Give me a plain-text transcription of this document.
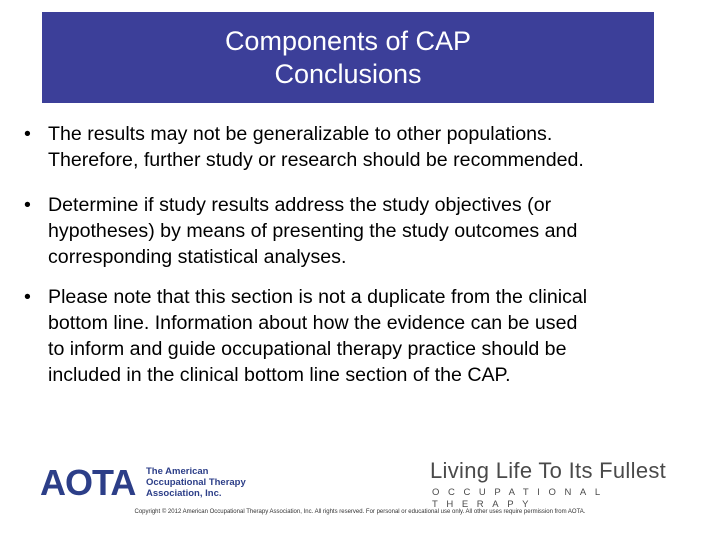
Components of CAP
Conclusions
• The results may not be generalizable to other populations.
Therefore, further study or research should be recommended.
• Determine if study results address the study objectives (or
hypotheses) by means of presenting the study outcomes and
corresponding statistical analyses.
• Please note that this section is not a duplicate from the clinical
bottom line. Information about how the evidence can be used
to inform and guide occupational therapy practice should be
included in the clinical bottom line section of the CAP.
AOTA The American
Occupational Therapy
Association, Inc.
Living Life To Its Fullest
OCCUPATIONAL THERAPY
Copyright © 2012 American Occupational Therapy Association, Inc. All rights reserved. For personal or educational use only. All other uses require permission from AOTA.
